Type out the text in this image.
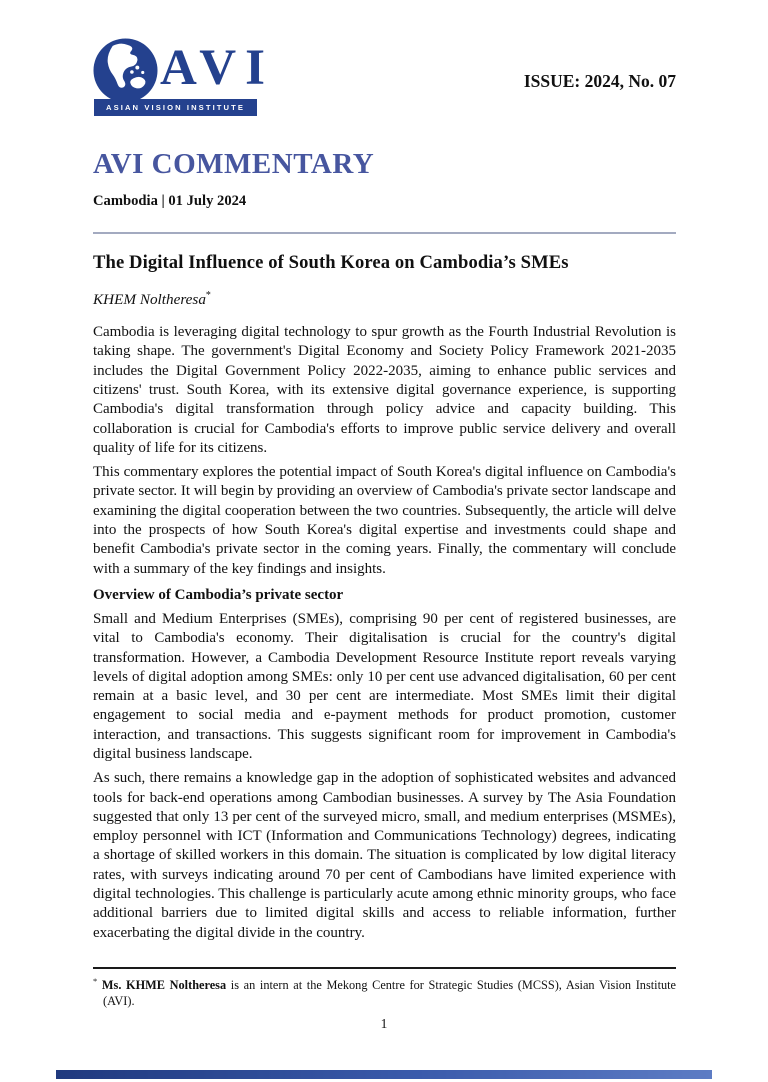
AVI
ASIAN VISION INSTITUTE
ISSUE: 2024, No. 07
AVI COMMENTARY
Cambodia | 01 July 2024
The Digital Influence of South Korea on Cambodia’s SMEs
KHEM Noltheresa*

Cambodia is leveraging digital technology to spur growth as the Fourth Industrial Revolution is taking shape. The government's Digital Economy and Society Policy Framework 2021-2035 includes the Digital Government Policy 2022-2035, aiming to enhance public services and citizens' trust. South Korea, with its extensive digital governance experience, is supporting Cambodia's digital transformation through policy advice and capacity building. This collaboration is crucial for Cambodia's efforts to improve public service delivery and overall quality of life for its citizens.

This commentary explores the potential impact of South Korea's digital influence on Cambodia's private sector. It will begin by providing an overview of Cambodia's private sector landscape and examining the digital cooperation between the two countries. Subsequently, the article will delve into the prospects of how South Korea's digital expertise and investments could shape and benefit Cambodia's private sector in the coming years. Finally, the commentary will conclude with a summary of the key findings and insights.

Overview of Cambodia’s private sector

Small and Medium Enterprises (SMEs), comprising 90 per cent of registered businesses, are vital to Cambodia's economy. Their digitalisation is crucial for the country's digital transformation. However, a Cambodia Development Resource Institute report reveals varying levels of digital adoption among SMEs: only 10 per cent use advanced digitalisation, 60 per cent remain at a basic level, and 30 per cent are intermediate. Most SMEs limit their digital engagement to social media and e-payment methods for product promotion, customer interaction, and transactions. This suggests significant room for improvement in Cambodia's digital business landscape.

As such, there remains a knowledge gap in the adoption of sophisticated websites and advanced tools for back-end operations among Cambodian businesses. A survey by The Asia Foundation suggested that only 13 per cent of the surveyed micro, small, and medium enterprises (MSMEs), employ personnel with ICT (Information and Communications Technology) degrees, indicating a shortage of skilled workers in this domain. The situation is complicated by low digital literacy rates, with surveys indicating around 70 per cent of Cambodians have limited experience with digital technologies. This challenge is particularly acute among ethnic minority groups, who face additional barriers due to limited digital skills and access to reliable information, further exacerbating the digital divide in the country.

* Ms. KHME Noltheresa is an intern at the Mekong Centre for Strategic Studies (MCSS), Asian Vision Institute (AVI).

1
